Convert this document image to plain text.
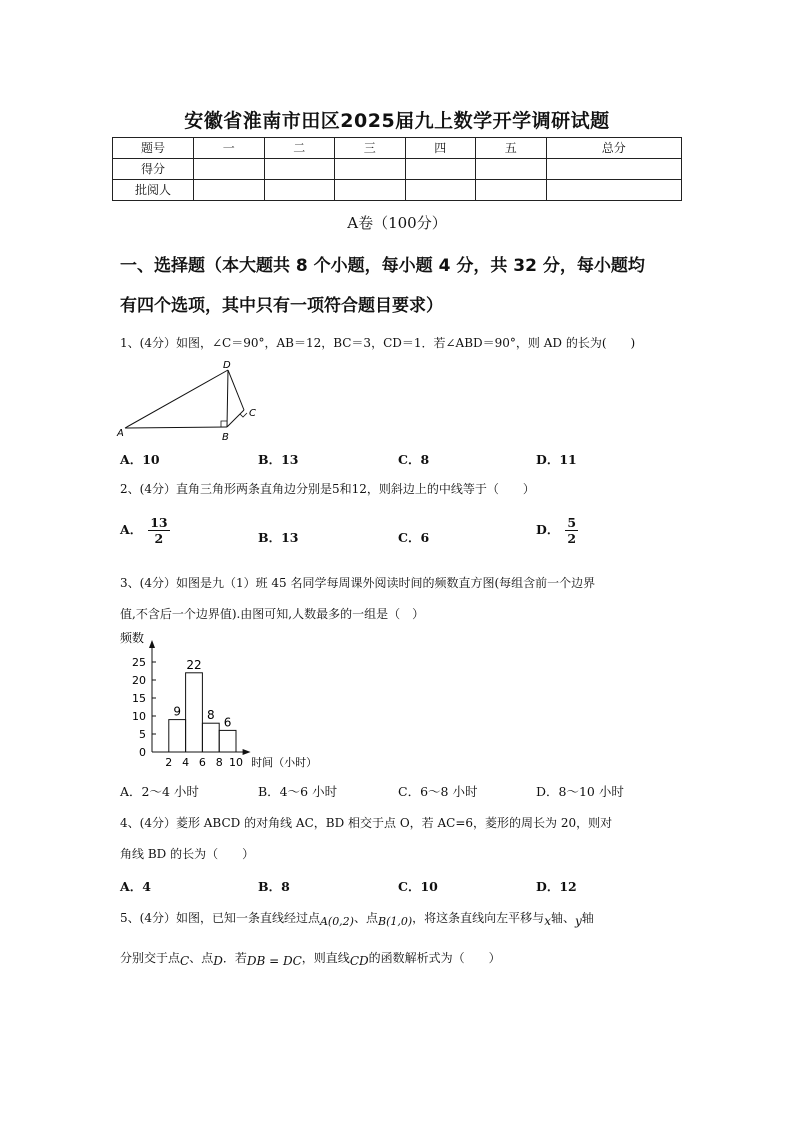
安徽省淮南市田区2025届九上数学开学调研试题
题号	一	二	三	四	五	总分
得分						
批阅人						
A卷（100分）
一、选择题（本大题共 8 个小题，每小题 4 分，共 32 分，每小题均
有四个选项，其中只有一项符合题目要求）
1、(4分）如图，∠C＝90°，AB＝12，BC＝3，CD＝1．若∠ABD＝90°，则 AD 的长为(　　)
A	B
C
D
A．10	B．13	C．8	D．11
2、(4分）直角三角形两条直角边分别是5和12，则斜边上的中线等于（　　）
A． $\frac{13}{2}$	B．13	C．6
D． $\frac{5}{2}$
3、(4分）如图是九（1）班 45 名同学每周课外阅读时间的频数直方图(每组含前一个边界
值,不含后一个边界值).由图可知,人数最多的一组是（　）
25
20
15
10
5
0
2 4 6 8 10
9
22
8
6
频数
时间（小时）
A．2～4 小时	B．4～6 小时	C．6～8 小时	D．8～10 小时
4、(4分）菱形 ABCD 的对角线 AC，BD 相交于点 O，若 AC=6，菱形的周长为 20，则对
角线 BD 的长为（　　）
A．4	B．8	C．10	D．12
5、(4分）如图，已知一条直线经过点A(0,2)、点B(1,0)，将这条直线向左平移与x轴、y轴
分别交于点C、点D．若DB = DC，则直线CD的函数解析式为（　　）
